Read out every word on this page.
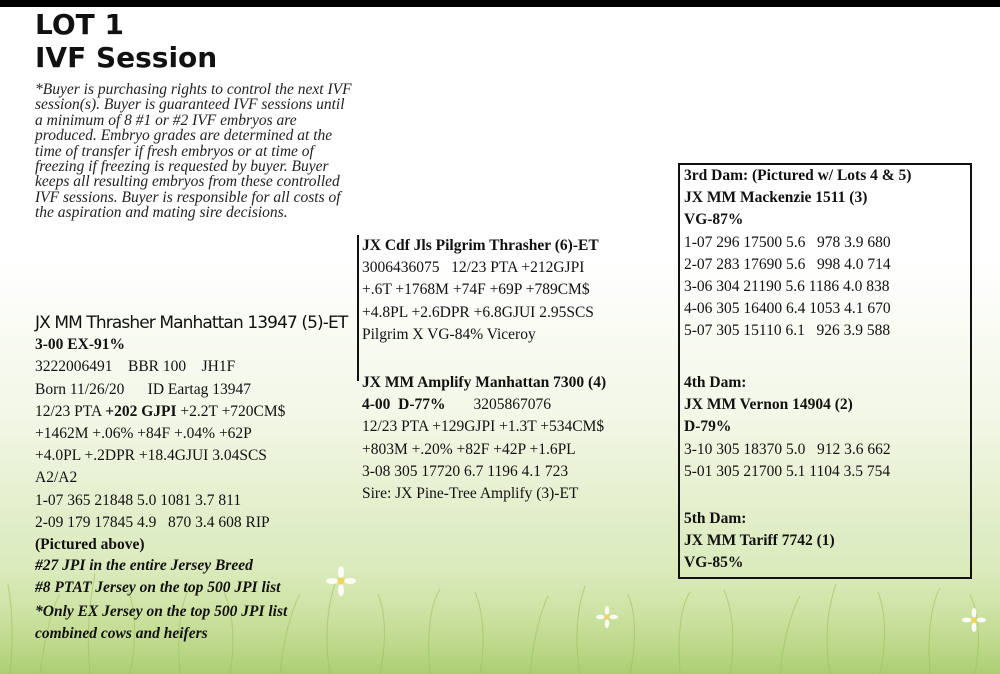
LOT 1
IVF Session
*Buyer is purchasing rights to control the next IVF session(s). Buyer is guaranteed IVF sessions until a minimum of 8 #1 or #2 IVF embryos are produced. Embryo grades are determined at the time of transfer if fresh embryos or at time of freezing if freezing is requested by buyer. Buyer keeps all resulting embryos from these controlled IVF sessions. Buyer is responsible for all costs of the aspiration and mating sire decisions.
JX MM Thrasher Manhattan 13947 (5)-ET
3-00 EX-91%
3222006491    BBR 100    JH1F
Born 11/26/20      ID Eartag 13947
12/23 PTA +202 GJPI +2.2T +720CM$
+1462M +.06% +84F +.04% +62P
+4.0PL +.2DPR +18.4GJUI 3.04SCS
A2/A2
1-07 365 21848 5.0 1081 3.7 811
2-09 179 17845 4.9   870 3.4 608 RIP
(Pictured above)
#27 JPI in the entire Jersey Breed
#8 PTAT Jersey on the top 500 JPI list
*Only EX Jersey on the top 500 JPI list
combined cows and heifers
JX Cdf Jls Pilgrim Thrasher (6)-ET
3006436075   12/23 PTA +212GJPI
+.6T +1768M +74F +69P +789CM$
+4.8PL +2.6DPR +6.8GJUI 2.95SCS
Pilgrim X VG-84% Viceroy
JX MM Amplify Manhattan 7300 (4)
4-00  D-77% 3205867076
12/23 PTA +129GJPI +1.3T +534CM$
+803M +.20% +82F +42P +1.6PL
3-08 305 17720 6.7 1196 4.1 723
Sire: JX Pine-Tree Amplify (3)-ET
3rd Dam: (Pictured w/ Lots 4 & 5)
JX MM Mackenzie 1511 (3)
VG-87%
1-07 296 17500 5.6   978 3.9 680
2-07 283 17690 5.6   998 4.0 714
3-06 304 21190 5.6 1186 4.0 838
4-06 305 16400 6.4 1053 4.1 670
5-07 305 15110 6.1   926 3.9 588
4th Dam:
JX MM Vernon 14904 (2)
D-79%
3-10 305 18370 5.0   912 3.6 662
5-01 305 21700 5.1 1104 3.5 754
5th Dam:
JX MM Tariff 7742 (1)
VG-85%
